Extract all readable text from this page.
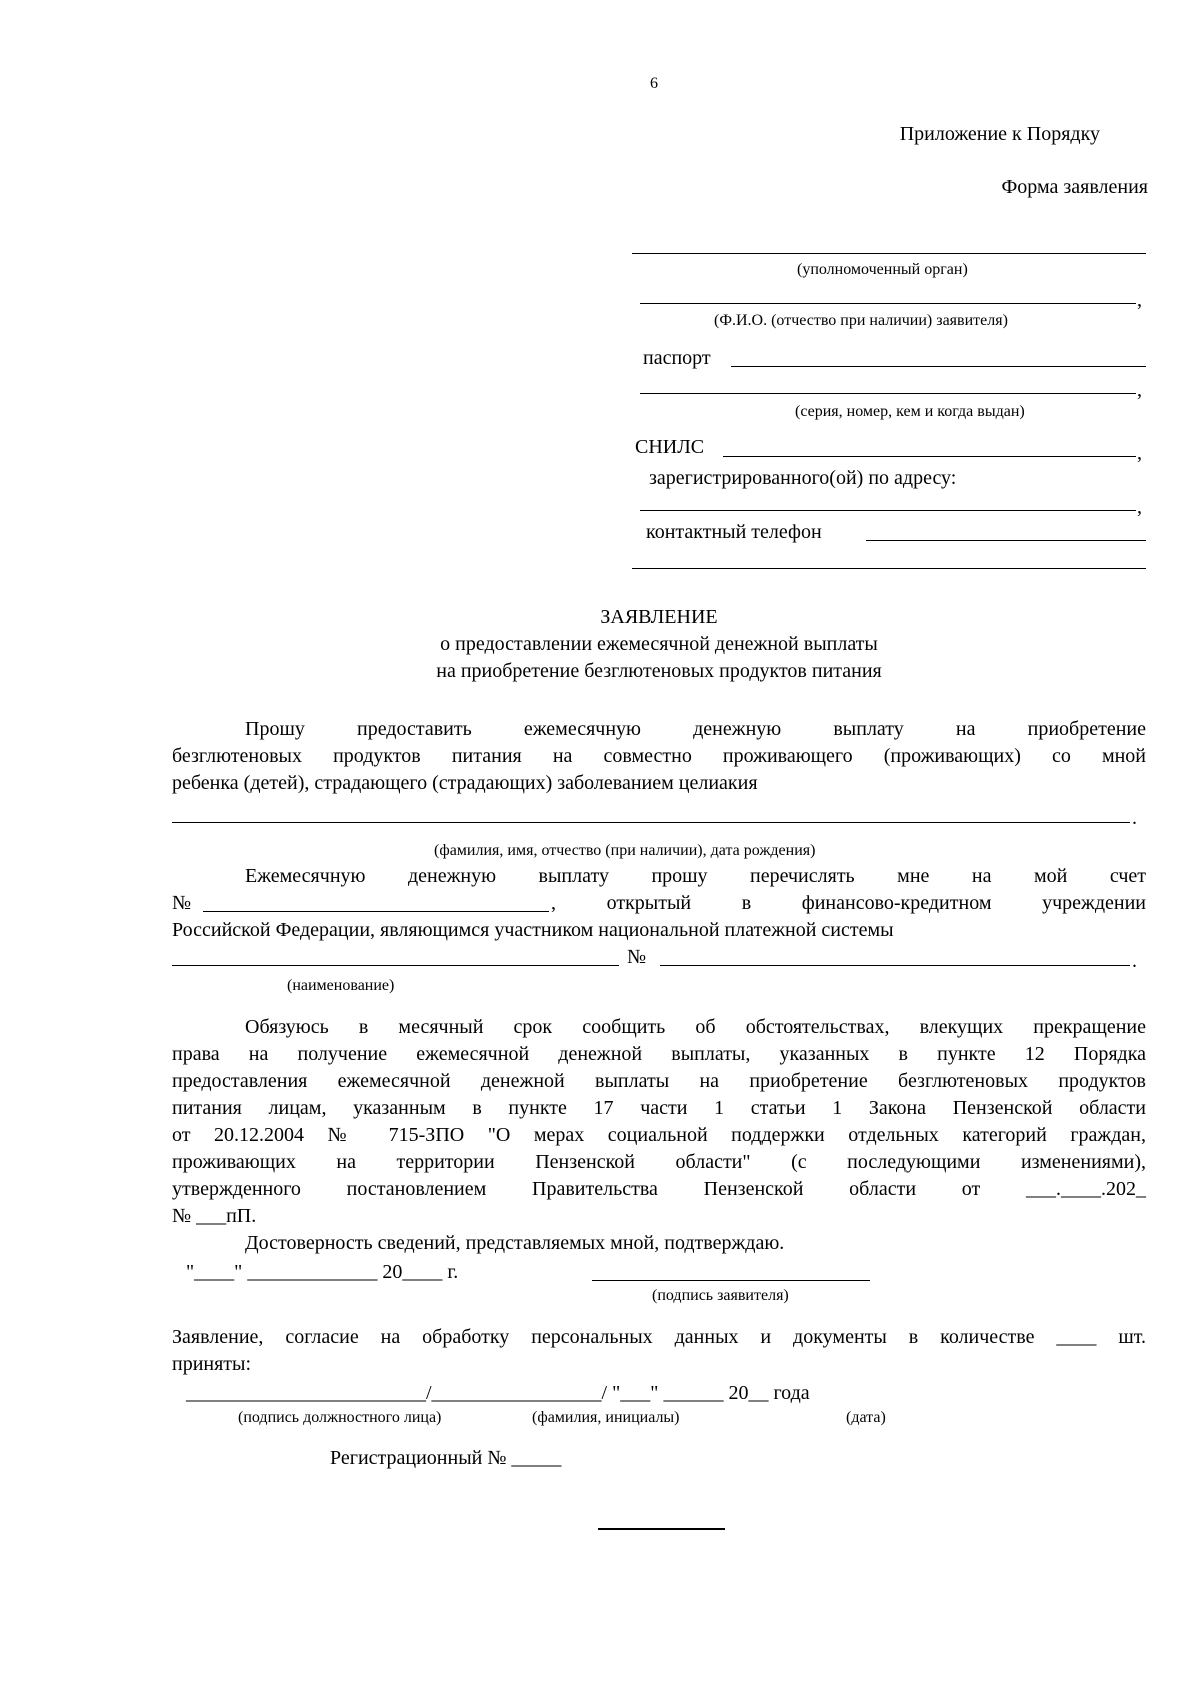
6
Приложение к Порядку
Форма заявления
(уполномоченный орган)
,
(Ф.И.О. (отчество при наличии) заявителя)
паспорт
,
(серия, номер, кем и когда выдан)
СНИЛС	,
зарегистрированного(ой) по адресу:
,
контактный телефон
ЗАЯВЛЕНИЕ
о предоставлении ежемесячной денежной выплаты
на приобретение безглютеновых продуктов питания
Прошу предоставить ежемесячную денежную выплату на приобретение
безглютеновых продуктов питания на совместно проживающего (проживающих) со мной
ребенка (детей), страдающего (страдающих) заболеванием целиакия
.
(фамилия, имя, отчество (при наличии), дата рождения)
Ежемесячную денежную выплату прошу перечислять мне на мой счет
№	, открытый в финансово-кредитном учреждении
Российской Федерации, являющимся участником национальной платежной системы
№	.
(наименование)
Обязуюсь в месячный срок сообщить об обстоятельствах, влекущих прекращение
права на получение ежемесячной денежной выплаты, указанных в пункте 12 Порядка
предоставления ежемесячной денежной выплаты на приобретение безглютеновых продуктов
питания лицам, указанным в пункте 17 части 1 статьи 1 Закона Пензенской области
от 20.12.2004 № 715-ЗПО "О мерах социальной поддержки отдельных категорий граждан,
проживающих на территории Пензенской области" (с последующими изменениями),
утвержденного постановлением Правительства Пензенской области от ___.____.202_
№ ___пП.
Достоверность сведений, представляемых мной, подтверждаю.
"____" _____________ 20____ г.
(подпись заявителя)
Заявление, согласие на обработку персональных данных и документы в количестве ____ шт.
приняты:
________________________/_________________/ "___" ______ 20__ года
(подпись должностного лица)	(фамилия, инициалы)	(дата)
Регистрационный № _____
